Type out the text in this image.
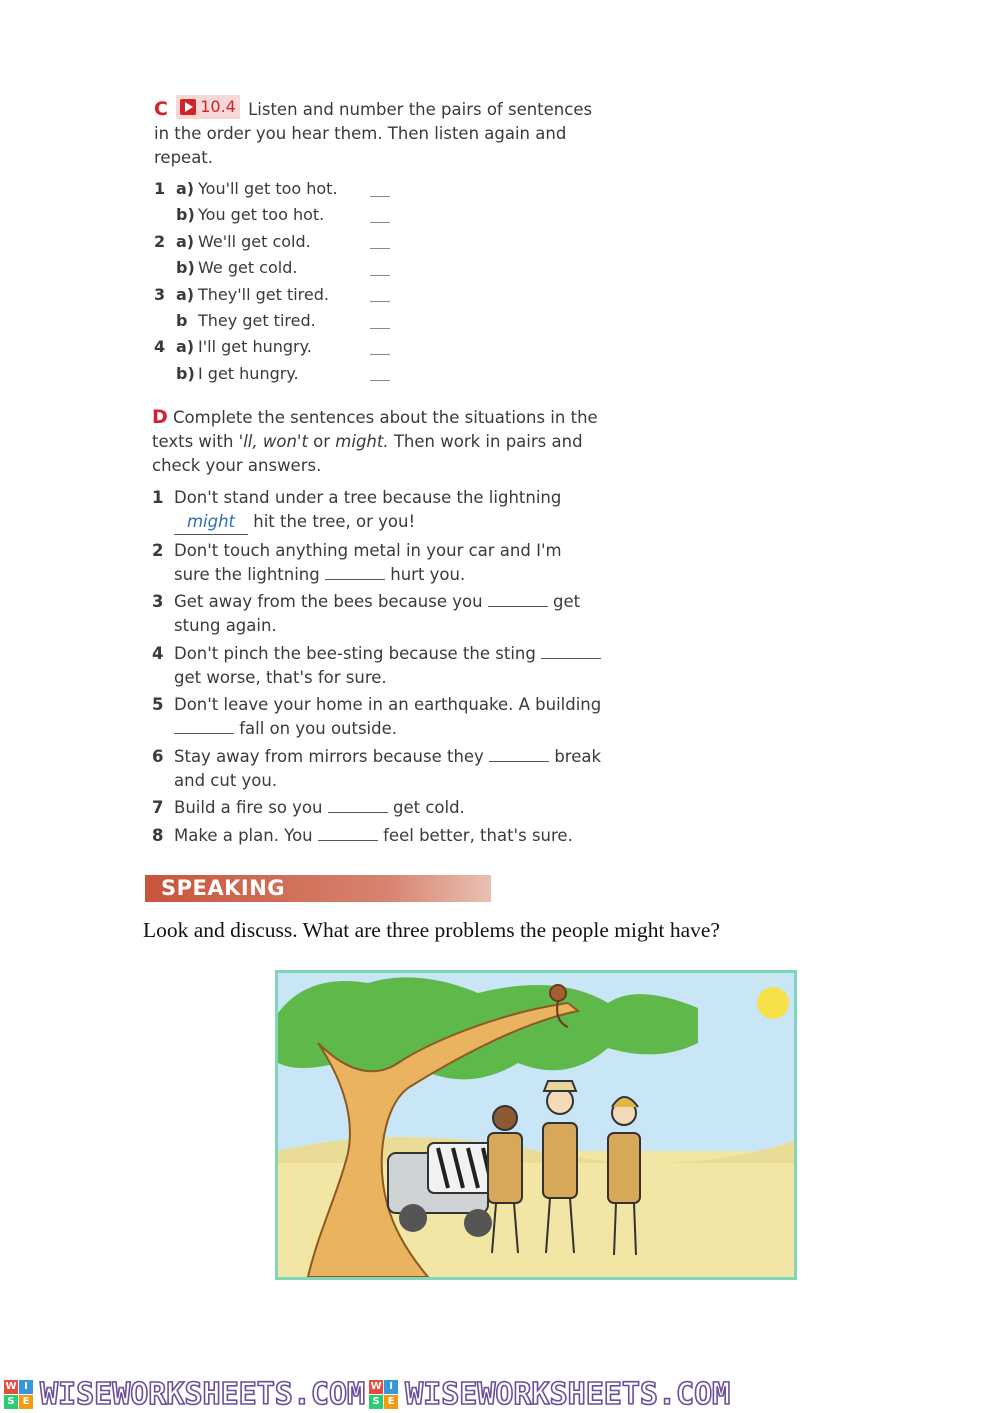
C 10.4 Listen and number the pairs of sentences in the order you hear them. Then listen again and repeat.
1 a) You'll get too hot.
b) You get too hot.
2 a) We'll get cold.
b) We get cold.
3 a) They'll get tired.
b They get tired.
4 a) I'll get hungry.
b) I get hungry.
D Complete the sentences about the situations in the texts with 'll, won't or might. Then work in pairs and check your answers.
1 Don't stand under a tree because the lightning might hit the tree, or you!
2 Don't touch anything metal in your car and I'm sure the lightning	hurt you.
3 Get away from the bees because you	get stung again.
4 Don't pinch the bee-sting because the sting  get worse, that's for sure.
5 Don't leave your home in an earthquake. A building  fall on you outside.
6 Stay away from mirrors because they	break and cut you.
7 Build a fire so you	get cold.
8 Make a plan. You	feel better, that's sure.
SPEAKING
Look and discuss. What are three problems the people might have?
W I
S E WISEWORKSHEETS.COM W I
S E WISEWORKSHEETS.COM
